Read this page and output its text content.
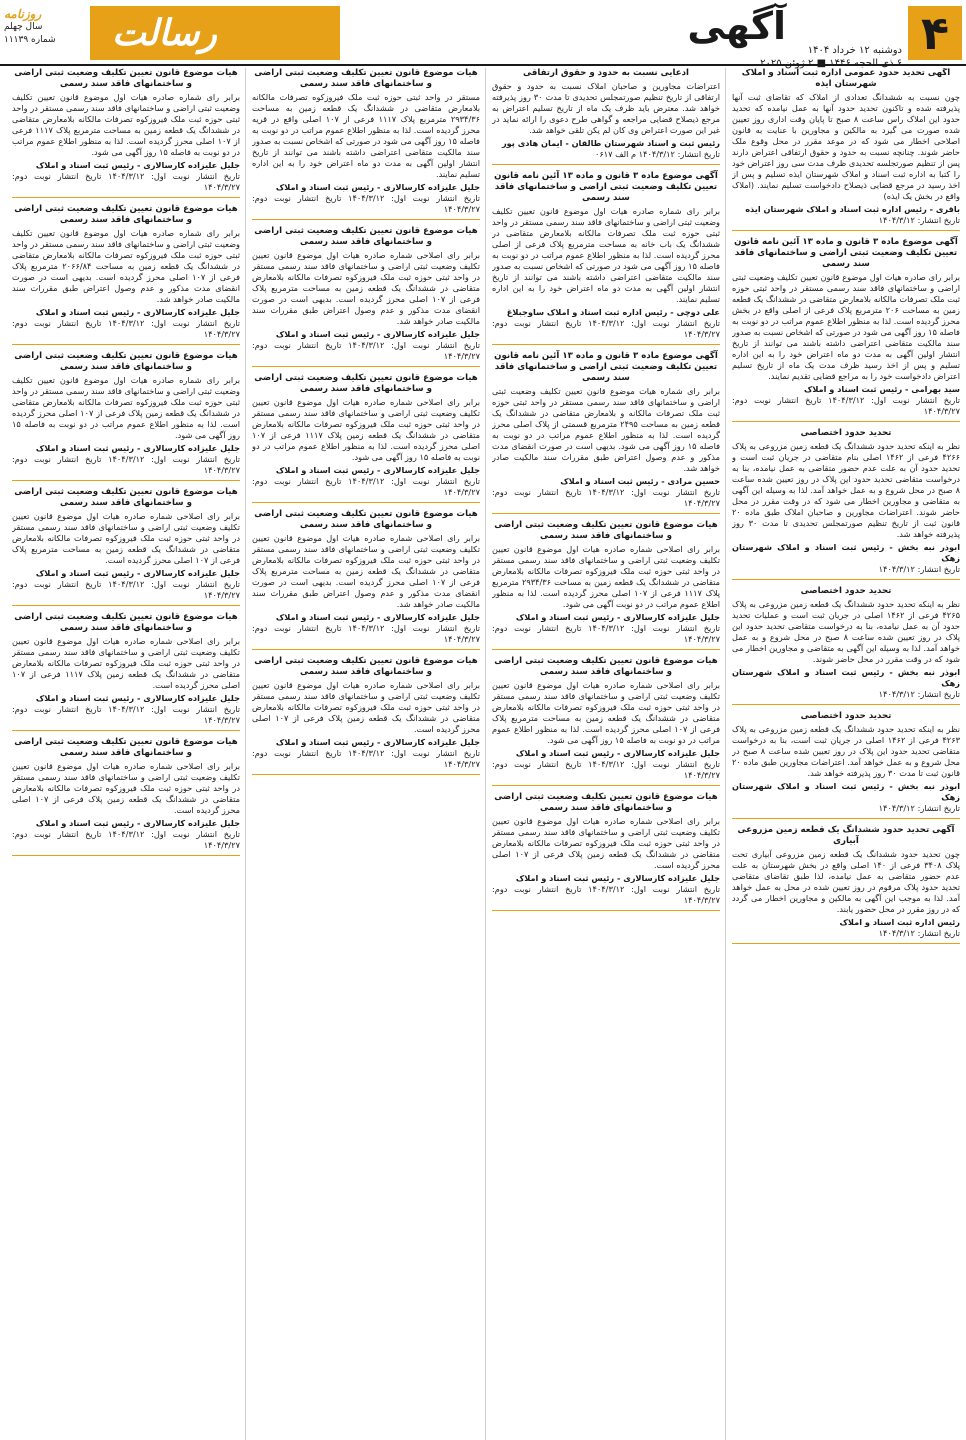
۴
آگهی
دوشنبه ۱۲ خرداد ۱۴۰۴
رسالت
روزنامه
سال چهلم
شماره ۱۱۱۳۹
آگهی تحدید حدود عمومی اداره ثبت اسناد و املاک شهرستان ایذه
چون نسبت به ششدانگ تعدادی از املاک که تقاضای ثبت آنها پذیرفته شده و تاکنون تحدید حدود آنها به عمل نیامده که تحدید حدود این املاک راس ساعت ۸ صبح تا پایان وقت اداری روز تعیین شده صورت می گیرد به مالکین و مجاورین با عنایت به قانون اصلاحی اخطار می شود که در موعد مقرر در محل وقوع ملک حاضر شوند. چنانچه نسبت به حدود و حقوق ارتفاقی اعتراض دارند پس از تنظیم صورتجلسه تحدیدی ظرف مدت سی روز اعتراض خود را کتبا به اداره ثبت اسناد و املاک شهرستان ایذه تسلیم و پس از اخذ رسید در مرجع قضایی ذیصلاح دادخواست تسلیم نمایند. (املاک واقع در بخش یک ایذه)
باقری - رئیس اداره ثبت اسناد و املاک شهرستان ایذه
تاریخ انتشار: ۱۴۰۴/۳/۱۲
آگهی موضوع ماده ۳ قانون و ماده ۱۳ آئین نامه قانون تعیین تکلیف وضعیت ثبتی اراضی و ساختمانهای فاقد سند رسمی
برابر رای صادره هیات اول موضوع قانون تعیین تکلیف وضعیت ثبتی اراضی و ساختمانهای فاقد سند رسمی مستقر در واحد ثبتی حوزه ثبت ملک تصرفات مالکانه بلامعارض متقاضی در ششدانگ یک قطعه زمین به مساحت ۲۰۶ مترمربع پلاک فرعی از اصلی واقع در بخش محرز گردیده است. لذا به منظور اطلاع عموم مراتب در دو نوبت به فاصله ۱۵ روز آگهی می شود در صورتی که اشخاص نسبت به صدور سند مالکیت متقاضی اعتراضی داشته باشند می توانند از تاریخ انتشار اولین آگهی به مدت دو ماه اعتراض خود را به این اداره تسلیم و پس از اخذ رسید ظرف مدت یک ماه از تاریخ تسلیم اعتراض دادخواست خود را به مراجع قضایی تقدیم نمایند.
سید بهرامی - رئیس ثبت اسناد و املاک
تاریخ انتشار نوبت اول: ۱۴۰۴/۳/۱۲ تاریخ انتشار نوبت دوم: ۱۴۰۴/۳/۲۷
تحدید حدود اختصاصی
نظر به اینکه تحدید حدود ششدانگ یک قطعه زمین مزروعی به پلاک ۴۲۶۶ فرعی از ۱۴۶۲ اصلی بنام متقاضی در جریان ثبت است و تحدید حدود آن به علت عدم حضور متقاضی به عمل نیامده، بنا به درخواست متقاضی تحدید حدود این پلاک در روز تعیین شده ساعت ۸ صبح در محل شروع و به عمل خواهد آمد. لذا به وسیله این آگهی به متقاضی و مجاورین اخطار می شود که در وقت مقرر در محل حاضر شوند. اعتراضات مجاورین و صاحبان املاک طبق ماده ۲۰ قانون ثبت از تاریخ تنظیم صورتمجلس تحدیدی تا مدت ۳۰ روز پذیرفته خواهد شد.
ابوذر نبه بخش - رئیس ثبت اسناد و املاک شهرستان زهک
تاریخ انتشار: ۱۴۰۴/۳/۱۲
تحدید حدود اختصاصی
نظر به اینکه تحدید حدود ششدانگ یک قطعه زمین مزروعی به پلاک ۴۲۶۵ فرعی از ۱۴۶۲ اصلی در جریان ثبت است و عملیات تحدید حدود آن به عمل نیامده، بنا به درخواست متقاضی تحدید حدود این پلاک در روز تعیین شده ساعت ۸ صبح در محل شروع و به عمل خواهد آمد. لذا به وسیله این آگهی به متقاضی و مجاورین اخطار می شود که در وقت مقرر در محل حاضر شوند.
ابوذر نبه بخش - رئیس ثبت اسناد و املاک شهرستان زهک
تاریخ انتشار: ۱۴۰۴/۳/۱۲
تحدید حدود اختصاصی
نظر به اینکه تحدید حدود ششدانگ یک قطعه زمین مزروعی به پلاک ۴۲۶۳ فرعی از ۱۴۶۲ اصلی در جریان ثبت است، بنا به درخواست متقاضی تحدید حدود این پلاک در روز تعیین شده ساعت ۸ صبح در محل شروع و به عمل خواهد آمد. اعتراضات مجاورین طبق ماده ۲۰ قانون ثبت تا مدت ۳۰ روز پذیرفته خواهد شد.
ابوذر نبه بخش - رئیس ثبت اسناد و املاک شهرستان زهک
تاریخ انتشار: ۱۴۰۴/۳/۱۲
آگهی تحدید حدود ششدانگ یک قطعه زمین مزروعی آبیاری
چون تحدید حدود ششدانگ یک قطعه زمین مزروعی آبیاری تحت پلاک ۳۴۰۸ فرعی از ۱۴۰ اصلی واقع در بخش شهرستان به علت عدم حضور متقاضی به عمل نیامده، لذا طبق تقاضای متقاضی تحدید حدود پلاک مرقوم در روز تعیین شده در محل به عمل خواهد آمد. لذا به موجب این آگهی به مالکین و مجاورین اخطار می گردد که در روز مقرر در محل حضور یابند.
رئیس اداره ثبت اسناد و املاک
تاریخ انتشار: ۱۴۰۴/۳/۱۲
ادعایی نسبت به حدود و حقوق ارتفاقی
اعتراضات مجاورین و صاحبان املاک نسبت به حدود و حقوق ارتفاقی از تاریخ تنظیم صورتمجلس تحدیدی تا مدت ۳۰ روز پذیرفته خواهد شد. معترض باید ظرف یک ماه از تاریخ تسلیم اعتراض به مرجع ذیصلاح قضایی مراجعه و گواهی طرح دعوی را ارائه نماید در غیر این صورت اعتراض وی کان لم یکن تلقی خواهد شد.
رئیس ثبت و اسناد شهرستان طالقان - ایمان هادی پور
تاریخ انتشار: ۱۴۰۴/۳/۱۲ م الف ۰۶۱۷
آگهی موضوع ماده ۳ قانون و ماده ۱۳ آئین نامه قانون تعیین تکلیف وضعیت ثبتی اراضی و ساختمانهای فاقد سند رسمی
برابر رای شماره صادره هیات اول موضوع قانون تعیین تکلیف وضعیت ثبتی اراضی و ساختمانهای فاقد سند رسمی مستقر در واحد ثبتی حوزه ثبت ملک تصرفات مالکانه بلامعارض متقاضی در ششدانگ یک باب خانه به مساحت مترمربع پلاک فرعی از اصلی محرز گردیده است. لذا به منظور اطلاع عموم مراتب در دو نوبت به فاصله ۱۵ روز آگهی می شود در صورتی که اشخاص نسبت به صدور سند مالکیت متقاضی اعتراضی داشته باشند می توانند از تاریخ انتشار اولین آگهی به مدت دو ماه اعتراض خود را به این اداره تسلیم نمایند.
علی دوچی - رئیس اداره ثبت اسناد و املاک ساوجبلاغ
تاریخ انتشار نوبت اول: ۱۴۰۴/۳/۱۲ تاریخ انتشار نوبت دوم: ۱۴۰۴/۳/۲۷
آگهی موضوع ماده ۳ قانون و ماده ۱۳ آئین نامه قانون تعیین تکلیف وضعیت ثبتی اراضی و ساختمانهای فاقد سند رسمی
برابر رای شماره هیات موضوع قانون تعیین تکلیف وضعیت ثبتی اراضی و ساختمانهای فاقد سند رسمی مستقر در واحد ثبتی حوزه ثبت ملک تصرفات مالکانه و بلامعارض متقاضی در ششدانگ یک قطعه زمین به مساحت ۲۴۹۵ مترمربع قسمتی از پلاک اصلی محرز گردیده است. لذا به منظور اطلاع عموم مراتب در دو نوبت به فاصله ۱۵ روز آگهی می شود. بدیهی است در صورت انقضای مدت مذکور و عدم وصول اعتراض طبق مقررات سند مالکیت صادر خواهد شد.
حسین مرادی - رئیس ثبت اسناد و املاک
تاریخ انتشار نوبت اول: ۱۴۰۴/۳/۱۲ تاریخ انتشار نوبت دوم: ۱۴۰۴/۳/۲۷
هیات موضوع قانون تعیین تکلیف وضعیت ثبتی اراضی و ساختمانهای فاقد سند رسمی
برابر رای اصلاحی شماره صادره هیات اول موضوع قانون تعیین تکلیف وضعیت ثبتی اراضی و ساختمانهای فاقد سند رسمی مستقر در واحد ثبتی حوزه ثبت ملک فیروزکوه تصرفات مالکانه بلامعارض متقاضی در ششدانگ یک قطعه زمین به مساحت ۲۹۳۴/۳۶ مترمربع پلاک ۱۱۱۷ فرعی از ۱۰۷ اصلی محرز گردیده است. لذا به منظور اطلاع عموم مراتب در دو نوبت آگهی می شود.
جلیل علیزاده کارسالاری - رئیس ثبت اسناد و املاک
تاریخ انتشار نوبت اول: ۱۴۰۴/۳/۱۲ تاریخ انتشار نوبت دوم: ۱۴۰۴/۳/۲۷
هیات موضوع قانون تعیین تکلیف وضعیت ثبتی اراضی و ساختمانهای فاقد سند رسمی
برابر رای اصلاحی شماره صادره هیات اول موضوع قانون تعیین تکلیف وضعیت ثبتی اراضی و ساختمانهای فاقد سند رسمی مستقر در واحد ثبتی حوزه ثبت ملک فیروزکوه تصرفات مالکانه بلامعارض متقاضی در ششدانگ یک قطعه زمین به مساحت مترمربع پلاک فرعی از ۱۰۷ اصلی محرز گردیده است. لذا به منظور اطلاع عموم مراتب در دو نوبت به فاصله ۱۵ روز آگهی می شود.
جلیل علیزاده کارسالاری - رئیس ثبت اسناد و املاک
تاریخ انتشار نوبت اول: ۱۴۰۴/۳/۱۲ تاریخ انتشار نوبت دوم: ۱۴۰۴/۳/۲۷
هیات موضوع قانون تعیین تکلیف وضعیت ثبتی اراضی و ساختمانهای فاقد سند رسمی
برابر رای اصلاحی شماره صادره هیات اول موضوع قانون تعیین تکلیف وضعیت ثبتی اراضی و ساختمانهای فاقد سند رسمی مستقر در واحد ثبتی حوزه ثبت ملک فیروزکوه تصرفات مالکانه بلامعارض متقاضی در ششدانگ یک قطعه زمین پلاک فرعی از ۱۰۷ اصلی محرز گردیده است.
جلیل علیزاده کارسالاری - رئیس ثبت اسناد و املاک
تاریخ انتشار نوبت اول: ۱۴۰۴/۳/۱۲ تاریخ انتشار نوبت دوم: ۱۴۰۴/۳/۲۷
هیات موضوع قانون تعیین تکلیف وضعیت ثبتی اراضی و ساختمانهای فاقد سند رسمی
مستقر در واحد ثبتی حوزه ثبت ملک فیروزکوه تصرفات مالکانه بلامعارض متقاضی در ششدانگ یک قطعه زمین به مساحت ۲۹۳۴/۳۶ مترمربع پلاک ۱۱۱۷ فرعی از ۱۰۷ اصلی واقع در قریه محرز گردیده است. لذا به منظور اطلاع عموم مراتب در دو نوبت به فاصله ۱۵ روز آگهی می شود در صورتی که اشخاص نسبت به صدور سند مالکیت متقاضی اعتراضی داشته باشند می توانند از تاریخ انتشار اولین آگهی به مدت دو ماه اعتراض خود را به این اداره تسلیم نمایند.
جلیل علیزاده کارسالاری - رئیس ثبت اسناد و املاک
تاریخ انتشار نوبت اول: ۱۴۰۴/۳/۱۲ تاریخ انتشار نوبت دوم: ۱۴۰۴/۳/۲۷
هیات موضوع قانون تعیین تکلیف وضعیت ثبتی اراضی و ساختمانهای فاقد سند رسمی
برابر رای اصلاحی شماره صادره هیات اول موضوع قانون تعیین تکلیف وضعیت ثبتی اراضی و ساختمانهای فاقد سند رسمی مستقر در واحد ثبتی حوزه ثبت ملک فیروزکوه تصرفات مالکانه بلامعارض متقاضی در ششدانگ یک قطعه زمین به مساحت مترمربع پلاک فرعی از ۱۰۷ اصلی محرز گردیده است. بدیهی است در صورت انقضای مدت مذکور و عدم وصول اعتراض طبق مقررات سند مالکیت صادر خواهد شد.
جلیل علیزاده کارسالاری - رئیس ثبت اسناد و املاک
تاریخ انتشار نوبت اول: ۱۴۰۴/۳/۱۲ تاریخ انتشار نوبت دوم: ۱۴۰۴/۳/۲۷
هیات موضوع قانون تعیین تکلیف وضعیت ثبتی اراضی و ساختمانهای فاقد سند رسمی
برابر رای اصلاحی شماره صادره هیات اول موضوع قانون تعیین تکلیف وضعیت ثبتی اراضی و ساختمانهای فاقد سند رسمی مستقر در واحد ثبتی حوزه ثبت ملک فیروزکوه تصرفات مالکانه بلامعارض متقاضی در ششدانگ یک قطعه زمین پلاک ۱۱۱۷ فرعی از ۱۰۷ اصلی محرز گردیده است. لذا به منظور اطلاع عموم مراتب در دو نوبت به فاصله ۱۵ روز آگهی می شود.
جلیل علیزاده کارسالاری - رئیس ثبت اسناد و املاک
تاریخ انتشار نوبت اول: ۱۴۰۴/۳/۱۲ تاریخ انتشار نوبت دوم: ۱۴۰۴/۳/۲۷
هیات موضوع قانون تعیین تکلیف وضعیت ثبتی اراضی و ساختمانهای فاقد سند رسمی
برابر رای اصلاحی شماره صادره هیات اول موضوع قانون تعیین تکلیف وضعیت ثبتی اراضی و ساختمانهای فاقد سند رسمی مستقر در واحد ثبتی حوزه ثبت ملک فیروزکوه تصرفات مالکانه بلامعارض متقاضی در ششدانگ یک قطعه زمین به مساحت مترمربع پلاک فرعی از ۱۰۷ اصلی محرز گردیده است. بدیهی است در صورت انقضای مدت مذکور و عدم وصول اعتراض طبق مقررات سند مالکیت صادر خواهد شد.
جلیل علیزاده کارسالاری - رئیس ثبت اسناد و املاک
تاریخ انتشار نوبت اول: ۱۴۰۴/۳/۱۲ تاریخ انتشار نوبت دوم: ۱۴۰۴/۳/۲۷
هیات موضوع قانون تعیین تکلیف وضعیت ثبتی اراضی و ساختمانهای فاقد سند رسمی
برابر رای اصلاحی شماره صادره هیات اول موضوع قانون تعیین تکلیف وضعیت ثبتی اراضی و ساختمانهای فاقد سند رسمی مستقر در واحد ثبتی حوزه ثبت ملک فیروزکوه تصرفات مالکانه بلامعارض متقاضی در ششدانگ یک قطعه زمین پلاک فرعی از ۱۰۷ اصلی محرز گردیده است.
جلیل علیزاده کارسالاری - رئیس ثبت اسناد و املاک
تاریخ انتشار نوبت اول: ۱۴۰۴/۳/۱۲ تاریخ انتشار نوبت دوم: ۱۴۰۴/۳/۲۷
هیات موضوع قانون تعیین تکلیف وضعیت ثبتی اراضی و ساختمانهای فاقد سند رسمی
برابر رای شماره صادره هیات اول موضوع قانون تعیین تکلیف وضعیت ثبتی اراضی و ساختمانهای فاقد سند رسمی مستقر در واحد ثبتی حوزه ثبت ملک فیروزکوه تصرفات مالکانه بلامعارض متقاضی در ششدانگ یک قطعه زمین به مساحت مترمربع پلاک ۱۱۱۷ فرعی از ۱۰۷ اصلی محرز گردیده است. لذا به منظور اطلاع عموم مراتب در دو نوبت به فاصله ۱۵ روز آگهی می شود.
جلیل علیزاده کارسالاری - رئیس ثبت اسناد و املاک
تاریخ انتشار نوبت اول: ۱۴۰۴/۳/۱۲ تاریخ انتشار نوبت دوم: ۱۴۰۴/۳/۲۷
هیات موضوع قانون تعیین تکلیف وضعیت ثبتی اراضی و ساختمانهای فاقد سند رسمی
برابر رای شماره صادره هیات اول موضوع قانون تعیین تکلیف وضعیت ثبتی اراضی و ساختمانهای فاقد سند رسمی مستقر در واحد ثبتی حوزه ثبت ملک فیروزکوه تصرفات مالکانه بلامعارض متقاضی در ششدانگ یک قطعه زمین به مساحت ۲۰۶۶/۸۴ مترمربع پلاک فرعی از ۱۰۷ اصلی محرز گردیده است. بدیهی است در صورت انقضای مدت مذکور و عدم وصول اعتراض طبق مقررات سند مالکیت صادر خواهد شد.
جلیل علیزاده کارسالاری - رئیس ثبت اسناد و املاک
تاریخ انتشار نوبت اول: ۱۴۰۴/۳/۱۲ تاریخ انتشار نوبت دوم: ۱۴۰۴/۳/۲۷
هیات موضوع قانون تعیین تکلیف وضعیت ثبتی اراضی و ساختمانهای فاقد سند رسمی
برابر رای شماره صادره هیات اول موضوع قانون تعیین تکلیف وضعیت ثبتی اراضی و ساختمانهای فاقد سند رسمی مستقر در واحد ثبتی حوزه ثبت ملک فیروزکوه تصرفات مالکانه بلامعارض متقاضی در ششدانگ یک قطعه زمین پلاک فرعی از ۱۰۷ اصلی محرز گردیده است. لذا به منظور اطلاع عموم مراتب در دو نوبت به فاصله ۱۵ روز آگهی می شود.
جلیل علیزاده کارسالاری - رئیس ثبت اسناد و املاک
تاریخ انتشار نوبت اول: ۱۴۰۴/۳/۱۲ تاریخ انتشار نوبت دوم: ۱۴۰۴/۳/۲۷
هیات موضوع قانون تعیین تکلیف وضعیت ثبتی اراضی و ساختمانهای فاقد سند رسمی
برابر رای اصلاحی شماره صادره هیات اول موضوع قانون تعیین تکلیف وضعیت ثبتی اراضی و ساختمانهای فاقد سند رسمی مستقر در واحد ثبتی حوزه ثبت ملک فیروزکوه تصرفات مالکانه بلامعارض متقاضی در ششدانگ یک قطعه زمین به مساحت مترمربع پلاک فرعی از ۱۰۷ اصلی محرز گردیده است.
جلیل علیزاده کارسالاری - رئیس ثبت اسناد و املاک
تاریخ انتشار نوبت اول: ۱۴۰۴/۳/۱۲ تاریخ انتشار نوبت دوم: ۱۴۰۴/۳/۲۷
هیات موضوع قانون تعیین تکلیف وضعیت ثبتی اراضی و ساختمانهای فاقد سند رسمی
برابر رای اصلاحی شماره صادره هیات اول موضوع قانون تعیین تکلیف وضعیت ثبتی اراضی و ساختمانهای فاقد سند رسمی مستقر در واحد ثبتی حوزه ثبت ملک فیروزکوه تصرفات مالکانه بلامعارض متقاضی در ششدانگ یک قطعه زمین پلاک ۱۱۱۷ فرعی از ۱۰۷ اصلی محرز گردیده است.
جلیل علیزاده کارسالاری - رئیس ثبت اسناد و املاک
تاریخ انتشار نوبت اول: ۱۴۰۴/۳/۱۲ تاریخ انتشار نوبت دوم: ۱۴۰۴/۳/۲۷
هیات موضوع قانون تعیین تکلیف وضعیت ثبتی اراضی و ساختمانهای فاقد سند رسمی
برابر رای اصلاحی شماره صادره هیات اول موضوع قانون تعیین تکلیف وضعیت ثبتی اراضی و ساختمانهای فاقد سند رسمی مستقر در واحد ثبتی حوزه ثبت ملک فیروزکوه تصرفات مالکانه بلامعارض متقاضی در ششدانگ یک قطعه زمین پلاک فرعی از ۱۰۷ اصلی محرز گردیده است.
جلیل علیزاده کارسالاری - رئیس ثبت اسناد و املاک
تاریخ انتشار نوبت اول: ۱۴۰۴/۳/۱۲ تاریخ انتشار نوبت دوم: ۱۴۰۴/۳/۲۷
